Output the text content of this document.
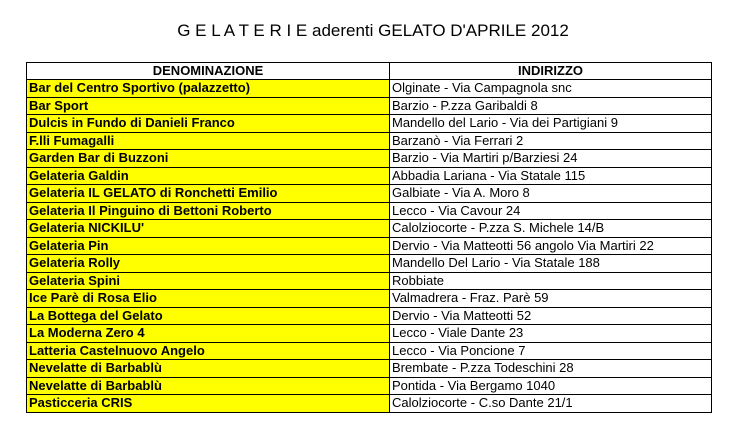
G E L A T E R I E aderenti GELATO D'APRILE 2012
DENOMINAZIONE	INDIRIZZO
Bar del Centro Sportivo (palazzetto)	Olginate - Via Campagnola snc
Bar Sport	Barzio - P.zza Garibaldi 8
Dulcis in Fundo di Danieli Franco	Mandello del Lario - Via dei Partigiani 9
F.lli Fumagalli	Barzanò - Via Ferrari 2
Garden Bar di Buzzoni	Barzio - Via Martiri p/Barziesi 24
Gelateria Galdin	Abbadia Lariana - Via Statale 115
Gelateria IL GELATO di Ronchetti Emilio	Galbiate - Via A. Moro 8
Gelateria Il Pinguino di Bettoni Roberto	Lecco - Via Cavour 24
Gelateria NICKILU'	Calolziocorte - P.zza S. Michele 14/B
Gelateria Pin	Dervio - Via Matteotti 56 angolo Via Martiri 22
Gelateria Rolly	Mandello Del Lario - Via Statale 188
Gelateria Spini	Robbiate
Ice Parè di Rosa Elio	Valmadrera - Fraz. Parè 59
La Bottega del Gelato	Dervio - Via Matteotti 52
La Moderna Zero 4	Lecco - Viale Dante 23
Latteria Castelnuovo Angelo	Lecco - Via Poncione 7
Nevelatte di Barbablù	Brembate - P.zza Todeschini 28
Nevelatte di Barbablù	Pontida - Via Bergamo 1040
Pasticceria CRIS	Calolziocorte - C.so Dante 21/1
